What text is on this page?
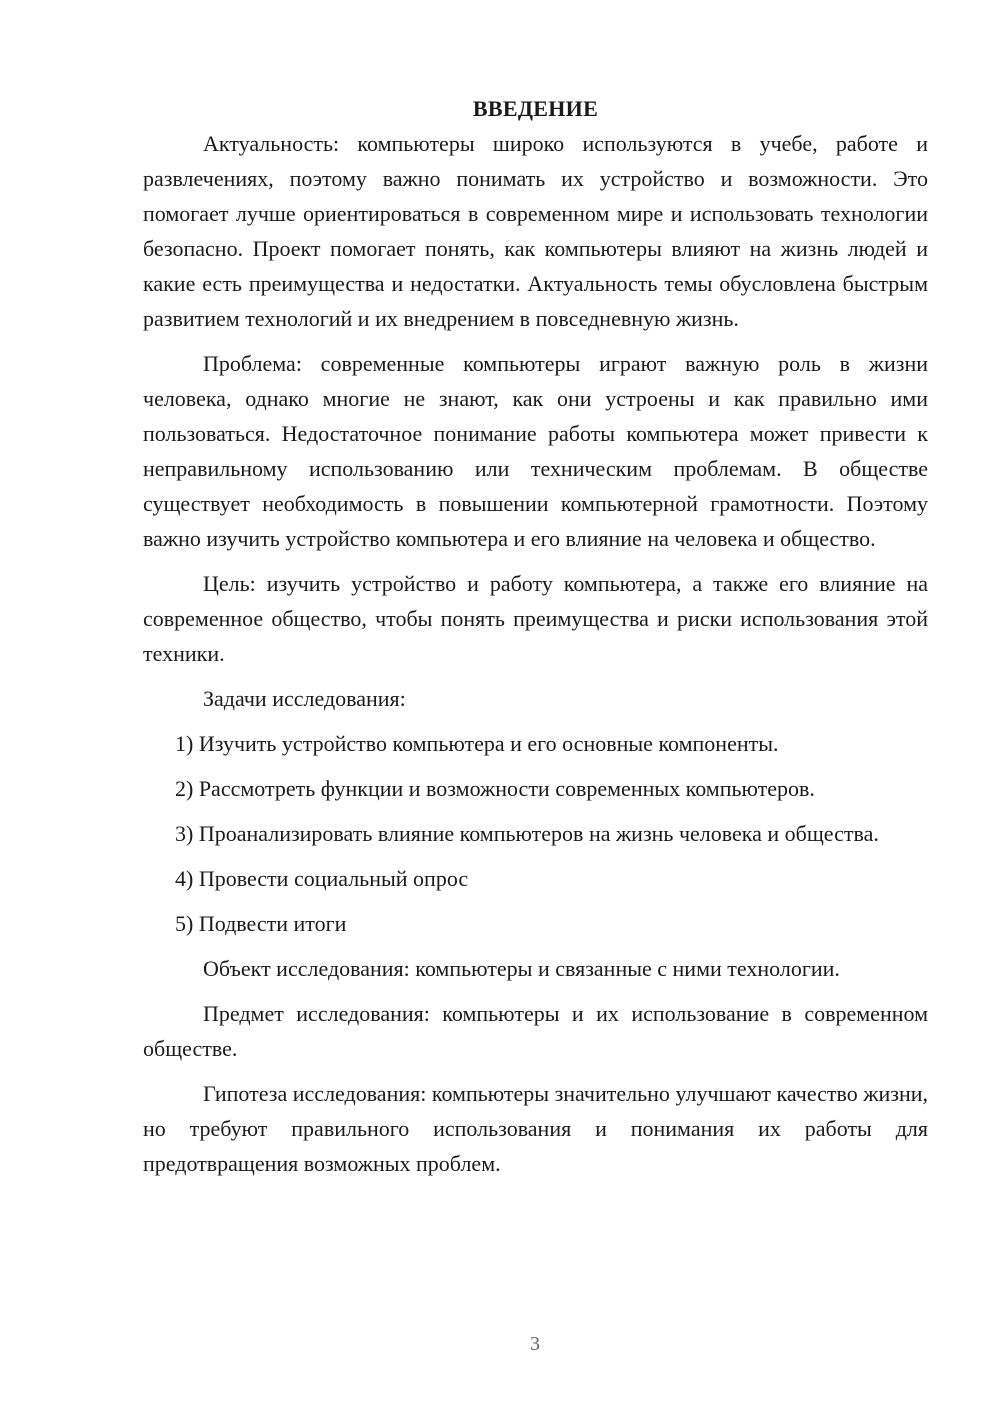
ВВЕДЕНИЕ

Актуальность: компьютеры широко используются в учебе, работе и развлечениях, поэтому важно понимать их устройство и возможности. Это помогает лучше ориентироваться в современном мире и использовать технологии безопасно. Проект помогает понять, как компьютеры влияют на жизнь людей и какие есть преимущества и недостатки. Актуальность темы обусловлена быстрым развитием технологий и их внедрением в повседневную жизнь.

Проблема: современные компьютеры играют важную роль в жизни человека, однако многие не знают, как они устроены и как правильно ими пользоваться. Недостаточное понимание работы компьютера может привести к неправильному использованию или техническим проблемам. В обществе существует необходимость в повышении компьютерной грамотности. Поэтому важно изучить устройство компьютера и его влияние на человека и общество.

Цель: изучить устройство и работу компьютера, а также его влияние на современное общество, чтобы понять преимущества и риски использования этой техники.

Задачи исследования:

1) Изучить устройство компьютера и его основные компоненты.

2) Рассмотреть функции и возможности современных компьютеров.

3) Проанализировать влияние компьютеров на жизнь человека и общества.

4) Провести социальный опрос

5) Подвести итоги

Объект исследования: компьютеры и связанные с ними технологии.

Предмет исследования: компьютеры и их использование в современном обществе.

Гипотеза исследования: компьютеры значительно улучшают качество жизни, но требуют правильного использования и понимания их работы для предотвращения возможных проблем.

3
